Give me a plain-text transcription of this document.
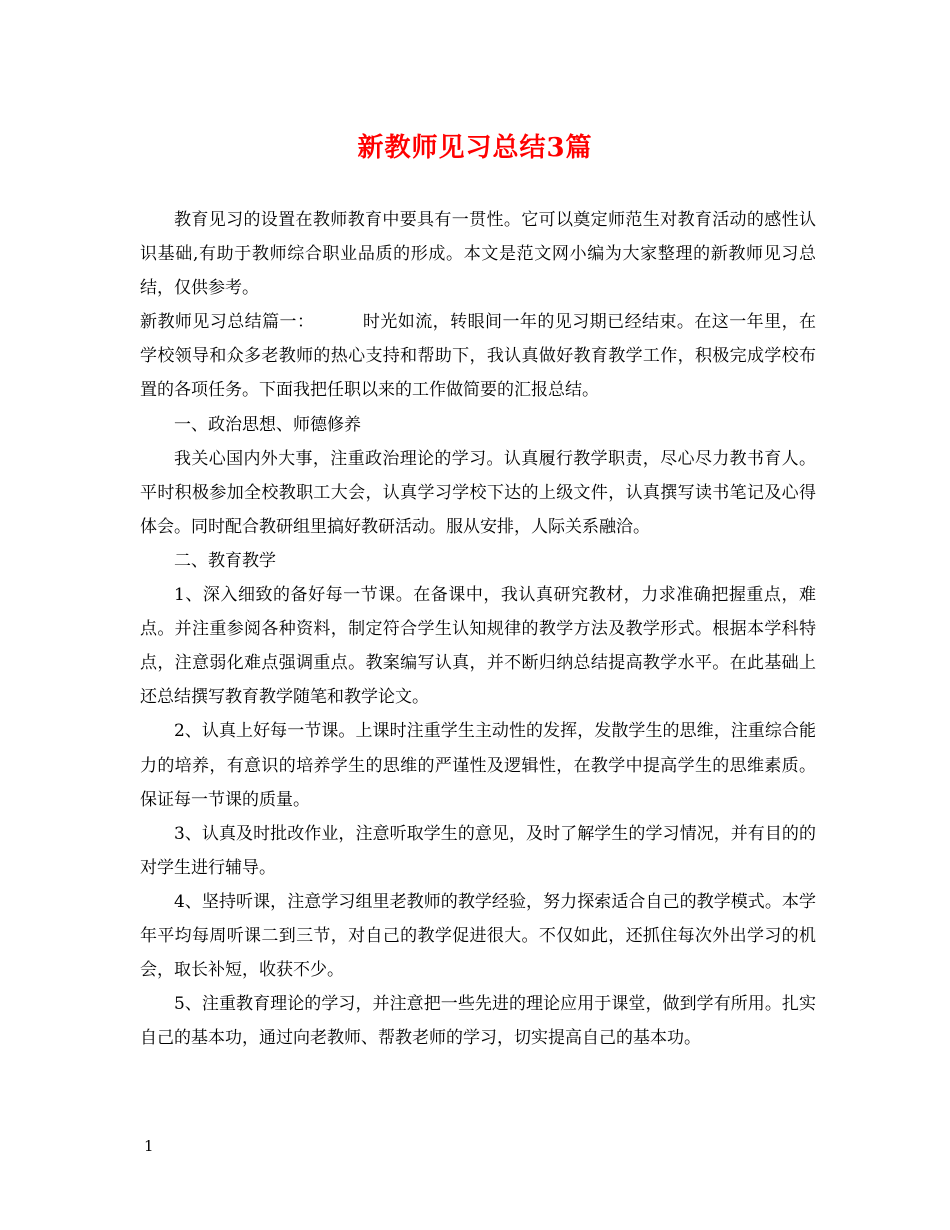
新教师见习总结3篇

教育见习的设置在教师教育中要具有一贯性。它可以奠定师范生对教育活动的感性认识基础,有助于教师综合职业品质的形成。本文是范文网小编为大家整理的新教师见习总结，仅供参考。

新教师见习总结篇一：	时光如流，转眼间一年的见习期已经结束。在这一年里，在学校领导和众多老教师的热心支持和帮助下，我认真做好教育教学工作，积极完成学校布置的各项任务。下面我把任职以来的工作做简要的汇报总结。

一、政治思想、师德修养

我关心国内外大事，注重政治理论的学习。认真履行教学职责，尽心尽力教书育人。平时积极参加全校教职工大会，认真学习学校下达的上级文件，认真撰写读书笔记及心得体会。同时配合教研组里搞好教研活动。服从安排，人际关系融洽。

二、教育教学

1、深入细致的备好每一节课。在备课中，我认真研究教材，力求准确把握重点，难点。并注重参阅各种资料，制定符合学生认知规律的教学方法及教学形式。根据本学科特点，注意弱化难点强调重点。教案编写认真，并不断归纳总结提高教学水平。在此基础上还总结撰写教育教学随笔和教学论文。

2、认真上好每一节课。上课时注重学生主动性的发挥，发散学生的思维，注重综合能力的培养，有意识的培养学生的思维的严谨性及逻辑性，在教学中提高学生的思维素质。保证每一节课的质量。

3、认真及时批改作业，注意听取学生的意见，及时了解学生的学习情况，并有目的的对学生进行辅导。

4、坚持听课，注意学习组里老教师的教学经验，努力探索适合自己的教学模式。本学年平均每周听课二到三节，对自己的教学促进很大。不仅如此，还抓住每次外出学习的机会，取长补短，收获不少。

5、注重教育理论的学习，并注意把一些先进的理论应用于课堂，做到学有所用。扎实自己的基本功，通过向老教师、帮教老师的学习，切实提高自己的基本功。

1
